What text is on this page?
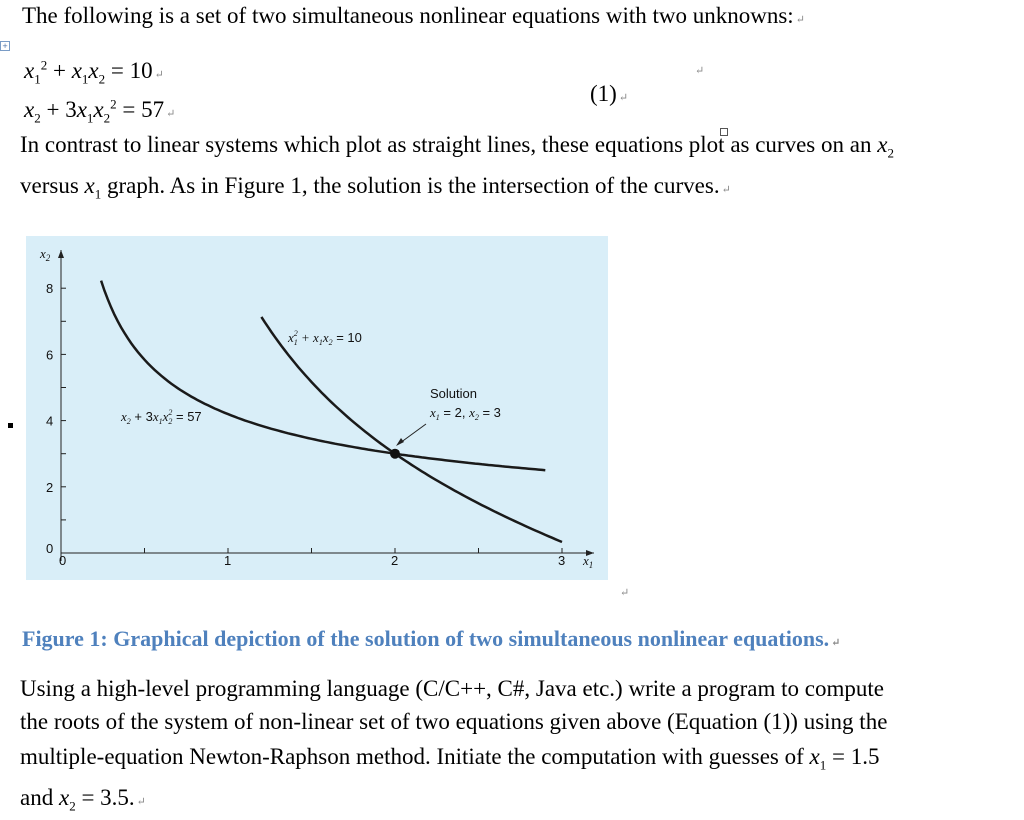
+
The following is a set of two simultaneous nonlinear equations with two unknowns: ↵
$x_1^2 + x_1x_2 = 10$ ↵
$x_2 + 3x_1x_2^2 = 57$ ↵
(1) ↵
↵
In contrast to linear systems which plot as straight lines, these equations plot as curves on an $x_2$
versus $x_1$ graph. As in Figure 1, the solution is the intersection of the curves. ↵
$x_2$
$x_1$
8
6
4
2
0
0	1	2	3
$x^2$ $1 + x_1x_2 = 10$
$x_2 + 3x_1x^2$ 2 = 57
Solution
$x_1 = 2$, $x_2 = 3$
↵
Figure 1: Graphical depiction of the solution of two simultaneous nonlinear equations. ↵
Using a high-level programming language (C/C++, C#, Java etc.) write a program to compute
the roots of the system of non-linear set of two equations given above (Equation (1)) using the
multiple-equation Newton-Raphson method. Initiate the computation with guesses of $x_1 = 1.5$
and $x_2 = 3.5$. ↵
